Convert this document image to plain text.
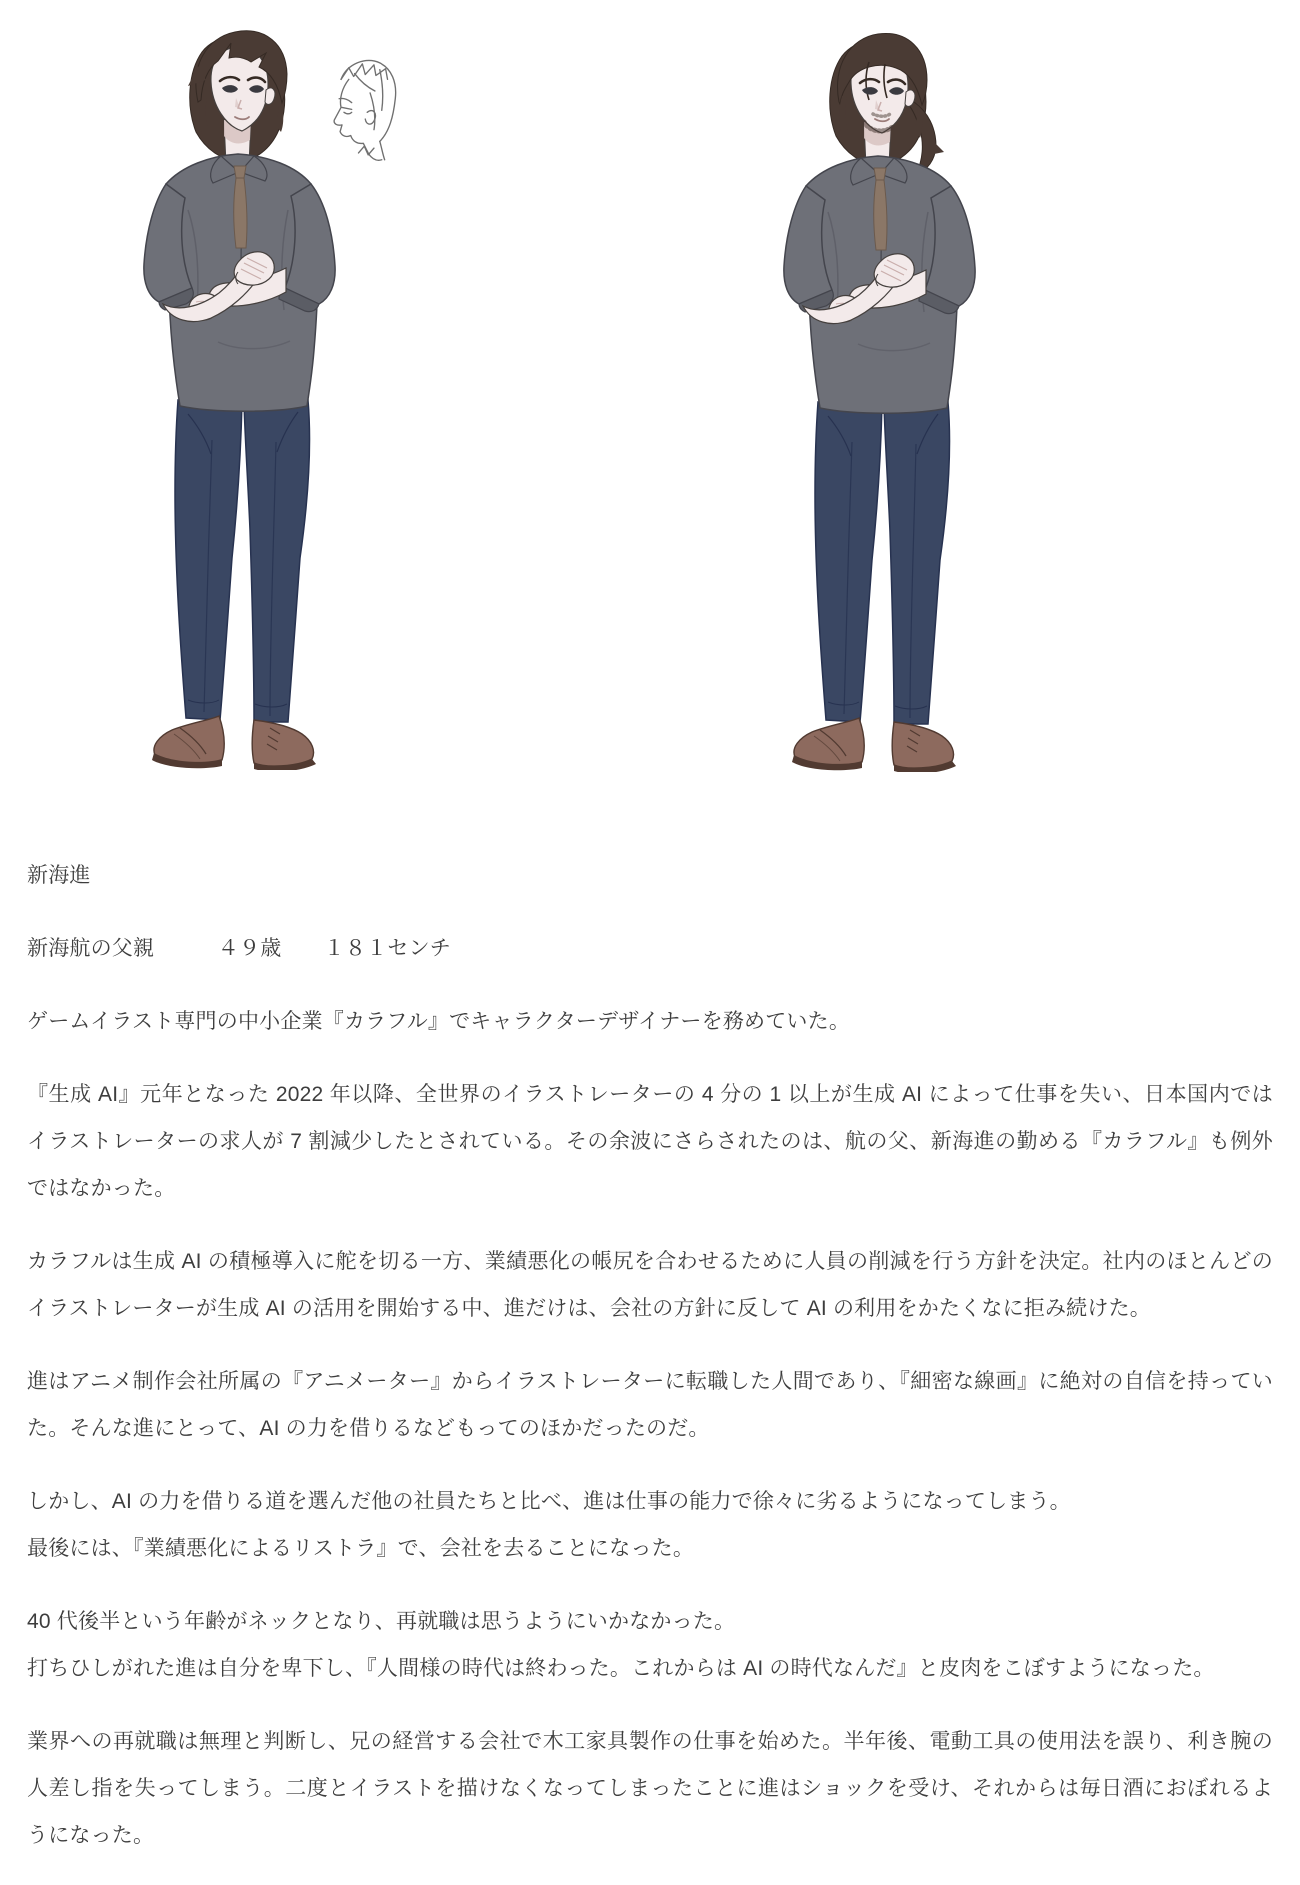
新海進

新海航の父親　　　４９歳　　１８１センチ

ゲームイラスト専門の中小企業『カラフル』でキャラクターデザイナーを務めていた。

『生成 AI』元年となった 2022 年以降、全世界のイラストレーターの 4 分の 1 以上が生成 AI によって仕事を失い、日本国内ではイラストレーターの求人が 7 割減少したとされている。その余波にさらされたのは、航の父、新海進の勤める『カラフル』も例外ではなかった。

カラフルは生成 AI の積極導入に舵を切る一方、業績悪化の帳尻を合わせるために人員の削減を行う方針を決定。社内のほとんどのイラストレーターが生成 AI の活用を開始する中、進だけは、会社の方針に反して AI の利用をかたくなに拒み続けた。

進はアニメ制作会社所属の『アニメーター』からイラストレーターに転職した人間であり、『細密な線画』に絶対の自信を持っていた。そんな進にとって、AI の力を借りるなどもってのほかだったのだ。

しかし、AI の力を借りる道を選んだ他の社員たちと比べ、進は仕事の能力で徐々に劣るようになってしまう。
最後には、『業績悪化によるリストラ』で、会社を去ることになった。

40 代後半という年齢がネックとなり、再就職は思うようにいかなかった。
打ちひしがれた進は自分を卑下し、『人間様の時代は終わった。これからは AI の時代なんだ』と皮肉をこぼすようになった。

業界への再就職は無理と判断し、兄の経営する会社で木工家具製作の仕事を始めた。半年後、電動工具の使用法を誤り、利き腕の人差し指を失ってしまう。二度とイラストを描けなくなってしまったことに進はショックを受け、それからは毎日酒におぼれるようになった。
